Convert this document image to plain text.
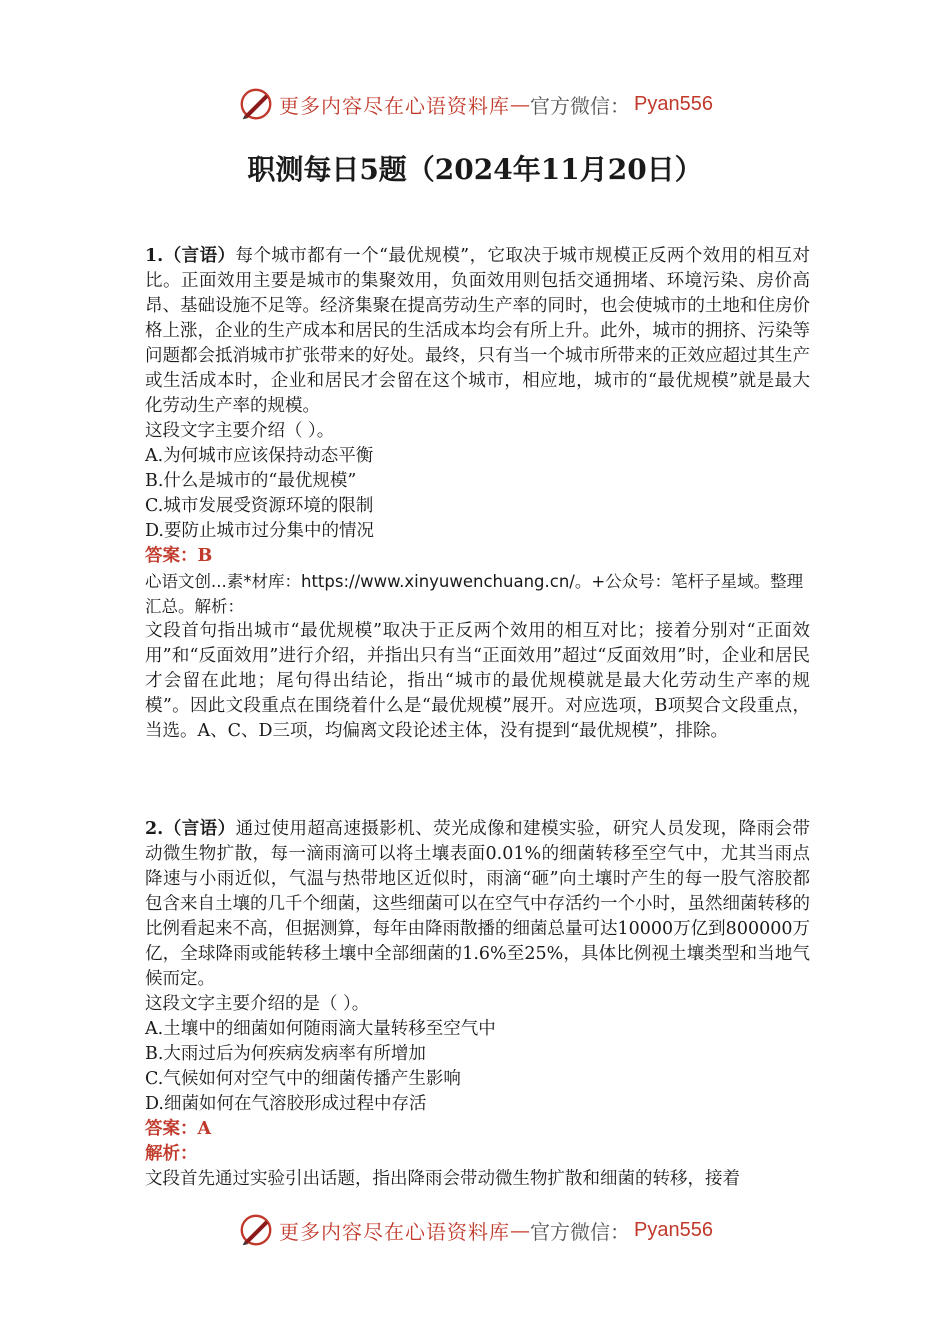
更多内容尽在心语资料库 — 官方微信： Pyan556
职测每日5题（2024年11月20日）

1.（言语）每个城市都有一个“最优规模”，它取决于城市规模正反两个效用的相互对比。正面效用主要是城市的集聚效用，负面效用则包括交通拥堵、环境污染、房价高昂、基础设施不足等。经济集聚在提高劳动生产率的同时，也会使城市的土地和住房价格上涨，企业的生产成本和居民的生活成本均会有所上升。此外，城市的拥挤、污染等问题都会抵消城市扩张带来的好处。最终，只有当一个城市所带来的正效应超过其生产或生活成本时，企业和居民才会留在这个城市，相应地，城市的“最优规模”就是最大化劳动生产率的规模。

这段文字主要介绍（ ）。

A.为何城市应该保持动态平衡

B.什么是城市的“最优规模”

C.城市发展受资源环境的限制

D.要防止城市过分集中的情况

答案：B

心语文创...素*材库：https://www.xinyuwenchuang.cn/。+公众号：笔杆子星域。整理汇总。解析：

文段首句指出城市“最优规模”取决于正反两个效用的相互对比；接着分别对“正面效用”和“反面效用”进行介绍，并指出只有当“正面效用”超过“反面效用”时，企业和居民才会留在此地；尾句得出结论，指出“城市的最优规模就是最大化劳动生产率的规模”。因此文段重点在围绕着什么是“最优规模”展开。对应选项，B项契合文段重点，当选。A、C、D三项，均偏离文段论述主体，没有提到“最优规模”，排除。

2.（言语）通过使用超高速摄影机、荧光成像和建模实验，研究人员发现，降雨会带动微生物扩散，每一滴雨滴可以将土壤表面0.01%的细菌转移至空气中，尤其当雨点降速与小雨近似，气温与热带地区近似时，雨滴“砸”向土壤时产生的每一股气溶胶都包含来自土壤的几千个细菌，这些细菌可以在空气中存活约一个小时，虽然细菌转移的比例看起来不高，但据测算，每年由降雨散播的细菌总量可达10000万亿到800000万亿，全球降雨或能转移土壤中全部细菌的1.6%至25%，具体比例视土壤类型和当地气候而定。

这段文字主要介绍的是（ ）。

A.土壤中的细菌如何随雨滴大量转移至空气中

B.大雨过后为何疾病发病率有所增加

C.气候如何对空气中的细菌传播产生影响

D.细菌如何在气溶胶形成过程中存活

答案：A

解析：

文段首先通过实验引出话题，指出降雨会带动微生物扩散和细菌的转移，接着

更多内容尽在心语资料库 — 官方微信： Pyan556
